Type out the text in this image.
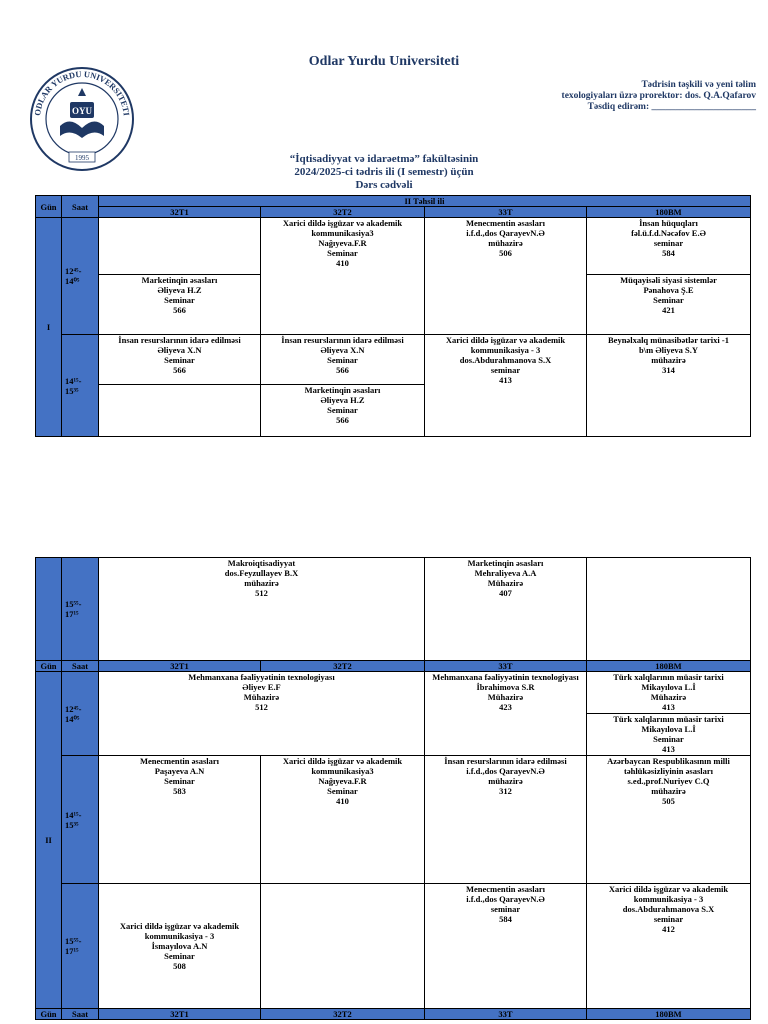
Odlar Yurdu Universiteti
Tədrisin təşkili və yeni təlim
texologiyaları üzrə prorektor: dos. Q.A.Qafarov
Təsdiq edirəm: ______________________
ODLAR YURDU UNIVERSITETI
OYU
1995	“İqtisadiyyat və idarəetmə” fakültəsinin
2024/2025-ci tədris ili (I semestr) üçün
Dərs cədvəli
Gün	Saat	II Təhsil ili			
		32T1	32T2	33T	180BM
I	12⁴⁵-
14⁰⁵		Xarici dildə işgüzar və akademik
kommunikasiya3
Nağıyeva.F.R
Seminar
410	Menecmentin əsasları
i.f.d.,dos QarayevN.Ə
mühazirə
506	İnsan hüquqları
fəl.ü.f.d.Nəcəfov E.Ə
seminar
584

		Marketinqin əsasları
Əliyeva H.Z
Seminar
566			Müqayisəli siyasi sistemlər
Pənahova Ş.E
Seminar
421

	14¹⁵-
15³⁵	İnsan resurslarının idarə edilməsi
Əliyeva X.N
Seminar
566	İnsan resurslarının idarə edilməsi
Əliyeva X.N
Seminar
566	Xarici dildə işgüzar və akademik
kommunikasiya - 3
dos.Abdurahmanova S.X
seminar
413	Beynəlxalq münasibətlər tarixi -1
b\m Əliyeva S.Y
mühazirə
314

			Marketinqin əsasları
Əliyeva H.Z
Seminar
566		

	15⁵⁵-
17¹⁵	Makroiqtisadiyyat
dos.Feyzullayev B.X
mühazirə
512		Marketinqin əsasları
Mehraliyeva A.A
Mühazirə
407	

Gün	Saat	32T1	32T2	33T	180BM
II	12⁴⁵-
14⁰⁵	Mehmanxana fəaliyyətinin texnologiyası
Əliyev E.F
Mühazirə
512		Mehmanxana fəaliyyətinin texnologiyası
İbrahimova S.R
Mühazirə
423	Türk xalqlarının müasir tarixi
Mikayılova L.İ
Mühazirə
413

					Türk xalqlarının müasir tarixi
Mikayılova L.İ
Seminar
413

	14¹⁵-
15³⁵	Menecmentin əsasları
Paşayeva A.N
Seminar
583	Xarici dildə işgüzar və akademik
kommunikasiya3
Nağıyeva.F.R
Seminar
410	İnsan resurslarının idarə edilməsi
i.f.d.,dos QarayevN.Ə
mühazirə
312	Azərbaycan Respublikasının milli
təhlükəsizliyinin əsasları
s.ed.,prof.Nuriyev C.Q
mühazirə
505

	15⁵⁵-
17¹⁵	Xarici dildə işgüzar və akademik
kommunikasiya - 3
İsmayılova A.N
Seminar
508		Menecmentin əsasları
i.f.d.,dos QarayevN.Ə
seminar
584	Xarici dildə işgüzar və akademik
kommunikasiya - 3
dos.Abdurahmanova S.X
seminar
412

Gün	Saat	32T1	32T2	33T	180BM
